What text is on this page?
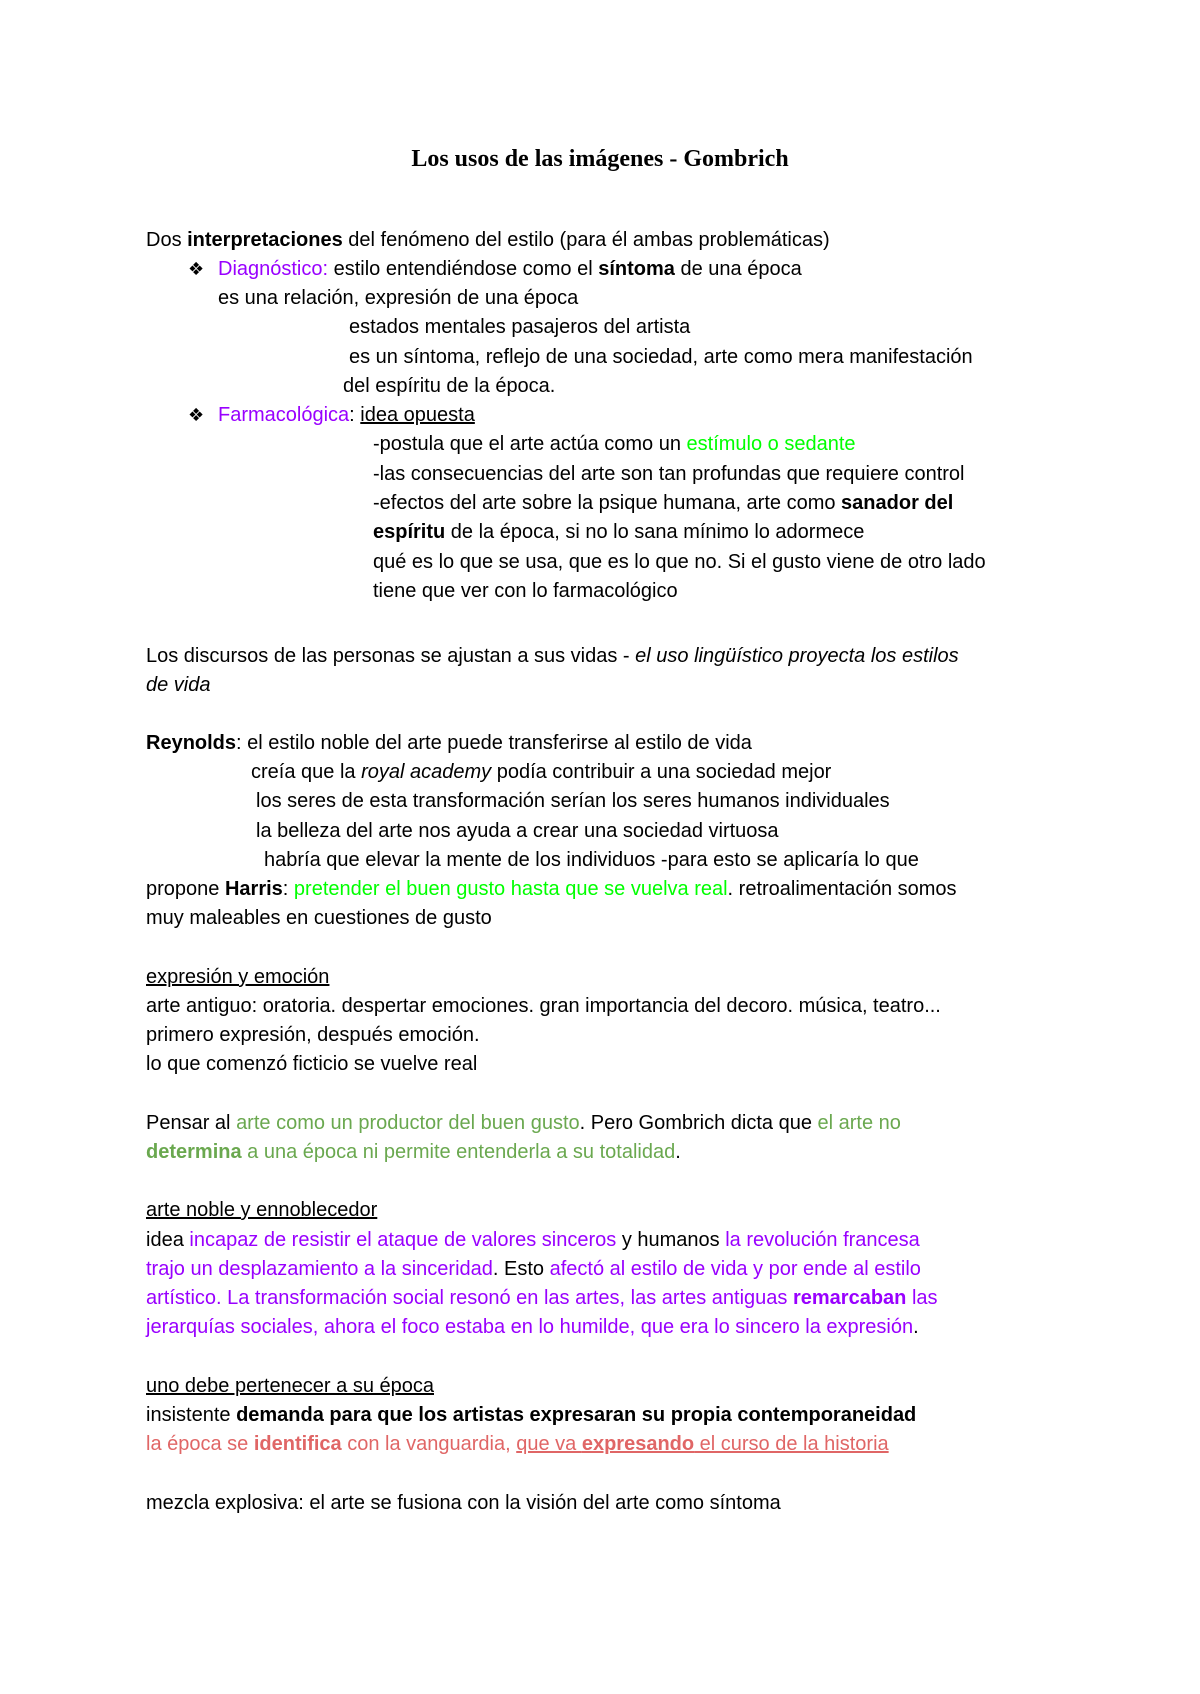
Los usos de las imágenes - Gombrich
Dos interpretaciones del fenómeno del estilo (para él ambas problemáticas)
❖ Diagnóstico: estilo entendiéndose como el síntoma de una época
es una relación, expresión de una época
estados mentales pasajeros del artista
es un síntoma, reflejo de una sociedad, arte como mera manifestación
del espíritu de la época.
❖ Farmacológica: idea opuesta
-postula que el arte actúa como un estímulo o sedante
-las consecuencias del arte son tan profundas que requiere control
-efectos del arte sobre la psique humana, arte como sanador del
espíritu de la época, si no lo sana mínimo lo adormece
qué es lo que se usa, que es lo que no. Si el gusto viene de otro lado
tiene que ver con lo farmacológico
Los discursos de las personas se ajustan a sus vidas - el uso lingüístico proyecta los estilos
de vida
Reynolds: el estilo noble del arte puede transferirse al estilo de vida
creía que la royal academy podía contribuir a una sociedad mejor
los seres de esta transformación serían los seres humanos individuales
la belleza del arte nos ayuda a crear una sociedad virtuosa
habría que elevar la mente de los individuos -para esto se aplicaría lo que
propone Harris: pretender el buen gusto hasta que se vuelva real. retroalimentación somos
muy maleables en cuestiones de gusto
expresión y emoción
arte antiguo: oratoria. despertar emociones. gran importancia del decoro. música, teatro...
primero expresión, después emoción.
lo que comenzó ficticio se vuelve real
Pensar al arte como un productor del buen gusto. Pero Gombrich dicta que el arte no
determina a una época ni permite entenderla a su totalidad.
arte noble y ennoblecedor
idea incapaz de resistir el ataque de valores sinceros y humanos la revolución francesa
trajo un desplazamiento a la sinceridad. Esto afectó al estilo de vida y por ende al estilo
artístico. La transformación social resonó en las artes, las artes antiguas remarcaban las
jerarquías sociales, ahora el foco estaba en lo humilde, que era lo sincero la expresión.
uno debe pertenecer a su época
insistente demanda para que los artistas expresaran su propia contemporaneidad
la época se identifica con la vanguardia, que va expresando el curso de la historia
mezcla explosiva: el arte se fusiona con la visión del arte como síntoma
